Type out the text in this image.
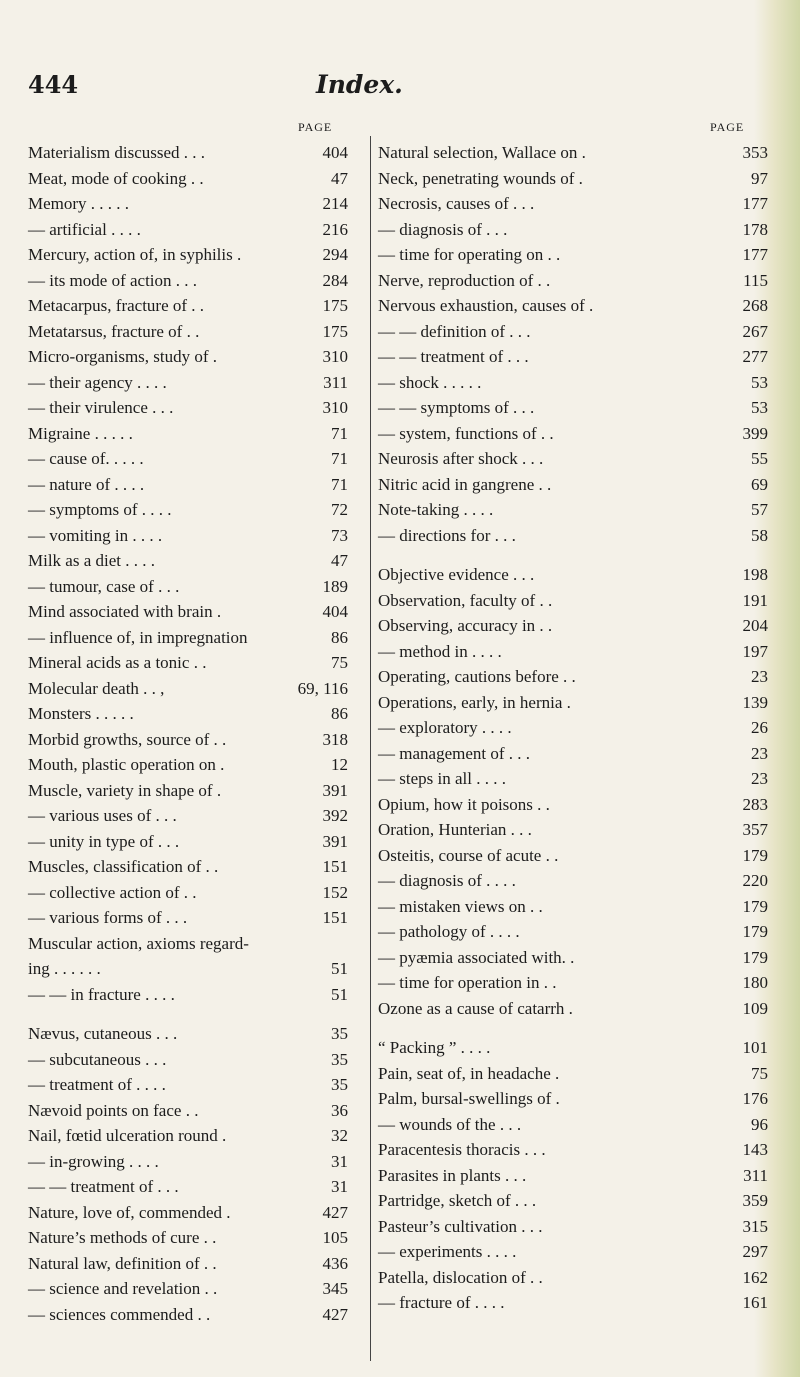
444	Index.
PAGE	PAGE
Materialism discussed . . .	404
Meat, mode of cooking . .	47
Memory . . . . .	214
— artificial . . . .	216
Mercury, action of, in syphilis .	294
— its mode of action . . .	284
Metacarpus, fracture of . .	175
Metatarsus, fracture of . .	175
Micro-organisms, study of .	310
— their agency . . . .	311
— their virulence . . .	310
Migraine . . . . .	71
— cause of. . . . .	71
— nature of . . . .	71
— symptoms of . . . .	72
— vomiting in . . . .	73
Milk as a diet . . . .	47
— tumour, case of . . .	189
Mind associated with brain .	404
— influence of, in impregnation	86
Mineral acids as a tonic . .	75
Molecular death . . ,	69, 116
Monsters . . . . .	86
Morbid growths, source of . .	318
Mouth, plastic operation on .	12
Muscle, variety in shape of .	391
— various uses of . . .	392
— unity in type of . . .	391
Muscles, classification of . .	151
— collective action of . .	152
— various forms of . . .	151
Muscular action, axioms regard-
ing . . . . . .	51
— — in fracture . . . .	51
Nævus, cutaneous . . .	35
— subcutaneous . . .	35
— treatment of . . . .	35
Nævoid points on face . .	36
Nail, fœtid ulceration round .	32
— in-growing . . . .	31
— — treatment of . . .	31
Nature, love of, commended .	427
Nature’s methods of cure . .	105
Natural law, definition of . .	436
— science and revelation . .	345
— sciences commended . .	427
Natural selection, Wallace on .	353
Neck, penetrating wounds of .	97
Necrosis, causes of . . .	177
— diagnosis of . . .	178
— time for operating on . .	177
Nerve, reproduction of . .	115
Nervous exhaustion, causes of .	268
— — definition of . . .	267
— — treatment of . . .	277
— shock . . . . .	53
— — symptoms of . . .	53
— system, functions of . .	399
Neurosis after shock . . .	55
Nitric acid in gangrene . .	69
Note-taking . . . .	57
— directions for . . .	58
Objective evidence . . .	198
Observation, faculty of . .	191
Observing, accuracy in . .	204
— method in . . . .	197
Operating, cautions before . .	23
Operations, early, in hernia .	139
— exploratory . . . .	26
— management of . . .	23
— steps in all . . . .	23
Opium, how it poisons . .	283
Oration, Hunterian . . .	357
Osteitis, course of acute . .	179
— diagnosis of . . . .	220
— mistaken views on . .	179
— pathology of . . . .	179
— pyæmia associated with. .	179
— time for operation in . .	180
Ozone as a cause of catarrh .	109
“ Packing ” . . . .	101
Pain, seat of, in headache .	75
Palm, bursal-swellings of .	176
— wounds of the . . .	96
Paracentesis thoracis . . .	143
Parasites in plants . . .	311
Partridge, sketch of . . .	359
Pasteur’s cultivation . . .	315
— experiments . . . .	297
Patella, dislocation of . .	162
— fracture of . . . .	161
